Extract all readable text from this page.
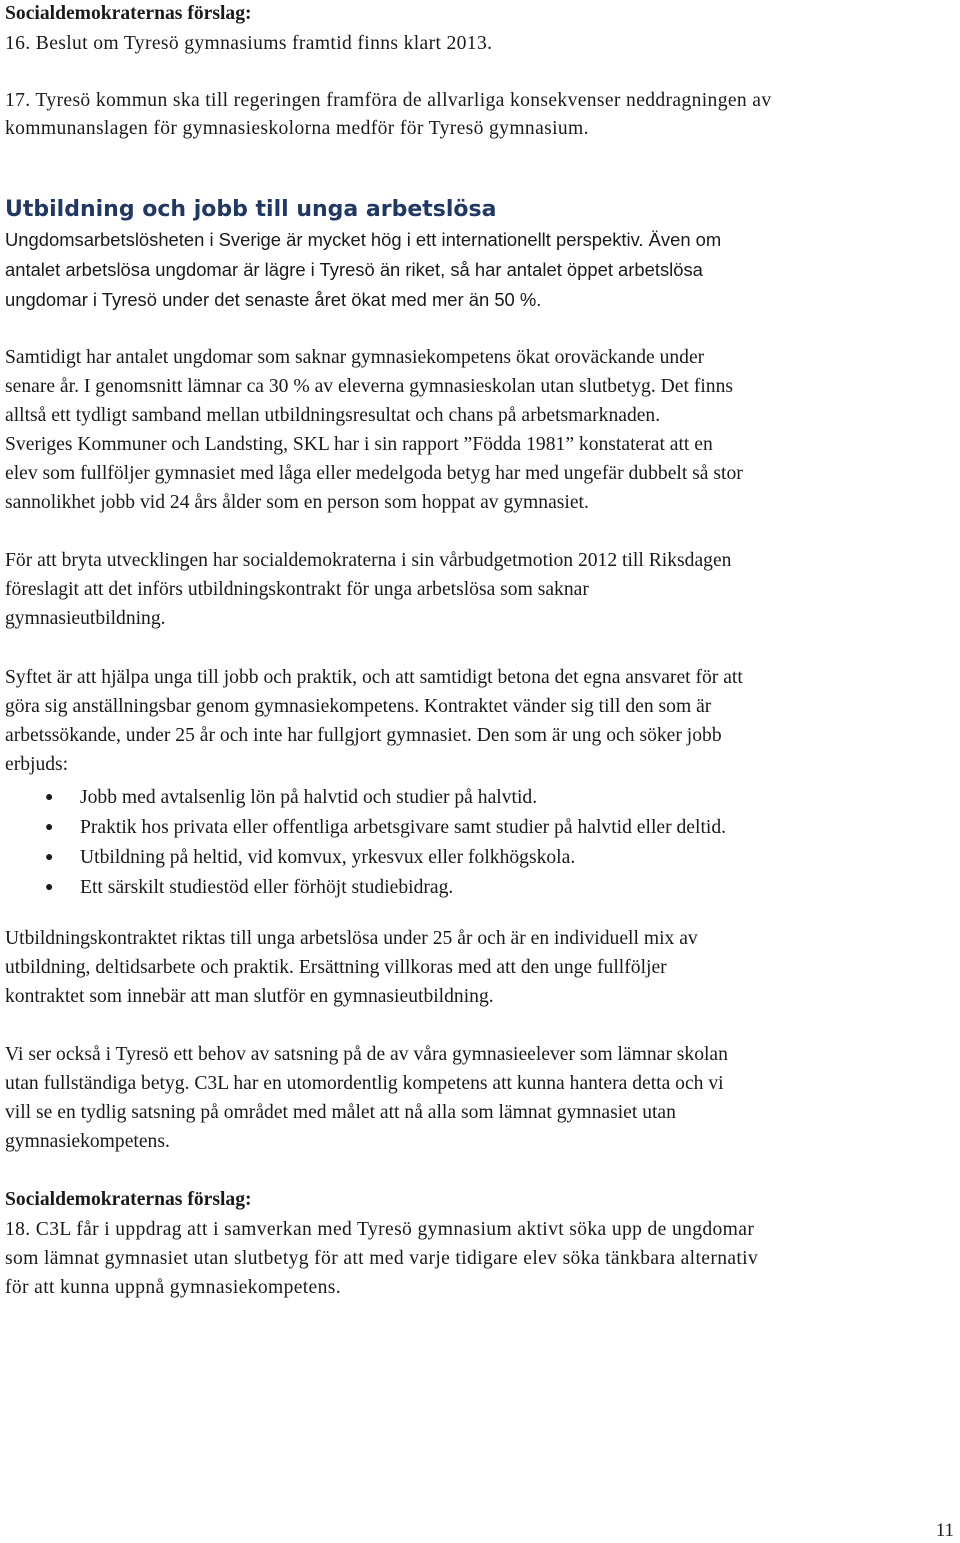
Socialdemokraternas förslag:
16. Beslut om Tyresö gymnasiums framtid finns klart 2013.
17. Tyresö kommun ska till regeringen framföra de allvarliga konsekvenser neddragningen av
kommunanslagen för gymnasieskolorna medför för Tyresö gymnasium.
Utbildning och jobb till unga arbetslösa
Ungdomsarbetslösheten i Sverige är mycket hög i ett internationellt perspektiv. Även om
antalet arbetslösa ungdomar är lägre i Tyresö än riket, så har antalet öppet arbetslösa
ungdomar i Tyresö under det senaste året ökat med mer än 50 %.
Samtidigt har antalet ungdomar som saknar gymnasiekompetens ökat oroväckande under
senare år. I genomsnitt lämnar ca 30 % av eleverna gymnasieskolan utan slutbetyg. Det finns
alltså ett tydligt samband mellan utbildningsresultat och chans på arbetsmarknaden.
Sveriges Kommuner och Landsting, SKL har i sin rapport ”Födda 1981” konstaterat att en
elev som fullföljer gymnasiet med låga eller medelgoda betyg har med ungefär dubbelt så stor
sannolikhet jobb vid 24 års ålder som en person som hoppat av gymnasiet.
För att bryta utvecklingen har socialdemokraterna i sin vårbudgetmotion 2012 till Riksdagen
föreslagit att det införs utbildningskontrakt för unga arbetslösa som saknar
gymnasieutbildning.
Syftet är att hjälpa unga till jobb och praktik, och att samtidigt betona det egna ansvaret för att
göra sig anställningsbar genom gymnasiekompetens. Kontraktet vänder sig till den som är
arbetssökande, under 25 år och inte har fullgjort gymnasiet. Den som är ung och söker jobb
erbjuds:
● Jobb med avtalsenlig lön på halvtid och studier på halvtid.
● Praktik hos privata eller offentliga arbetsgivare samt studier på halvtid eller deltid.
● Utbildning på heltid, vid komvux, yrkesvux eller folkhögskola.
● Ett särskilt studiestöd eller förhöjt studiebidrag.
Utbildningskontraktet riktas till unga arbetslösa under 25 år och är en individuell mix av
utbildning, deltidsarbete och praktik. Ersättning villkoras med att den unge fullföljer
kontraktet som innebär att man slutför en gymnasieutbildning.
Vi ser också i Tyresö ett behov av satsning på de av våra gymnasieelever som lämnar skolan
utan fullständiga betyg. C3L har en utomordentlig kompetens att kunna hantera detta och vi
vill se en tydlig satsning på området med målet att nå alla som lämnat gymnasiet utan
gymnasiekompetens.
Socialdemokraternas förslag:
18. C3L får i uppdrag att i samverkan med Tyresö gymnasium aktivt söka upp de ungdomar
som lämnat gymnasiet utan slutbetyg för att med varje tidigare elev söka tänkbara alternativ
för att kunna uppnå gymnasiekompetens.
11
